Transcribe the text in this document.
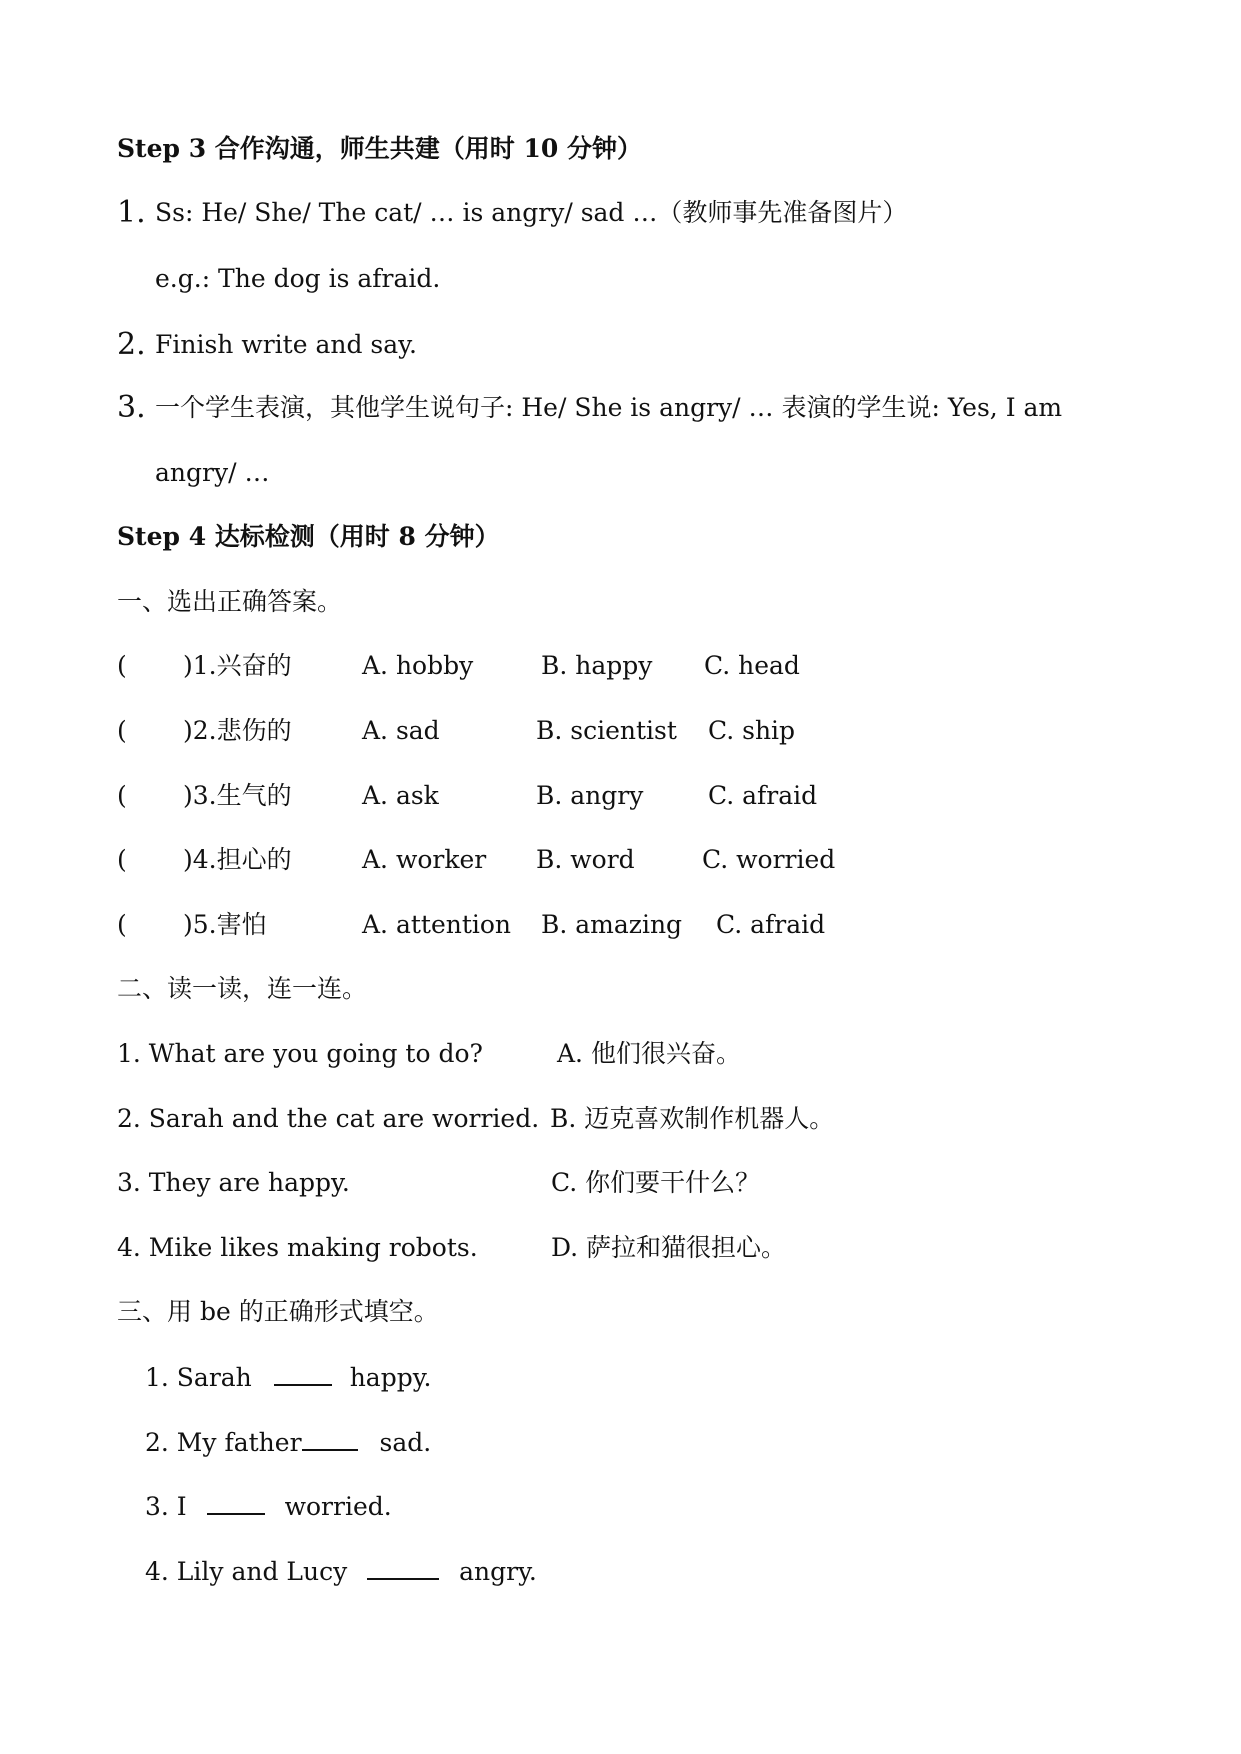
Step 3 合作沟通，师生共建（用时 10 分钟）
1. Ss: He/ She/ The cat/ … is angry/ sad …（教师事先准备图片）
e.g.: The dog is afraid.
2. Finish write and say.
3. 一个学生表演，其他学生说句子: He/ She is angry/ … 表演的学生说: Yes, I am
angry/ …
Step 4 达标检测（用时 8 分钟）
一、选出正确答案。
( )1.兴奋的	A. hobby	B. happy C. head
( )2.悲伤的	A. sad	B. scientist C. ship
( )3.生气的	A. ask	B. angry	C. afraid
( )4.担心的	A. worker B. word	C. worried
( )5.害怕	A. attention B. amazing C. afraid
二、读一读，连一连。
1. What are you going to do?	A. 他们很兴奋。
2. Sarah and the cat are worried. B. 迈克喜欢制作机器人。
3. They are happy.	C. 你们要干什么？
4. Mike likes making robots.	D. 萨拉和猫很担心。
三、用 be 的正确形式填空。
1. Sarah	happy.
2. My father	sad.
3. I	worried.
4. Lily and Lucy	angry.
